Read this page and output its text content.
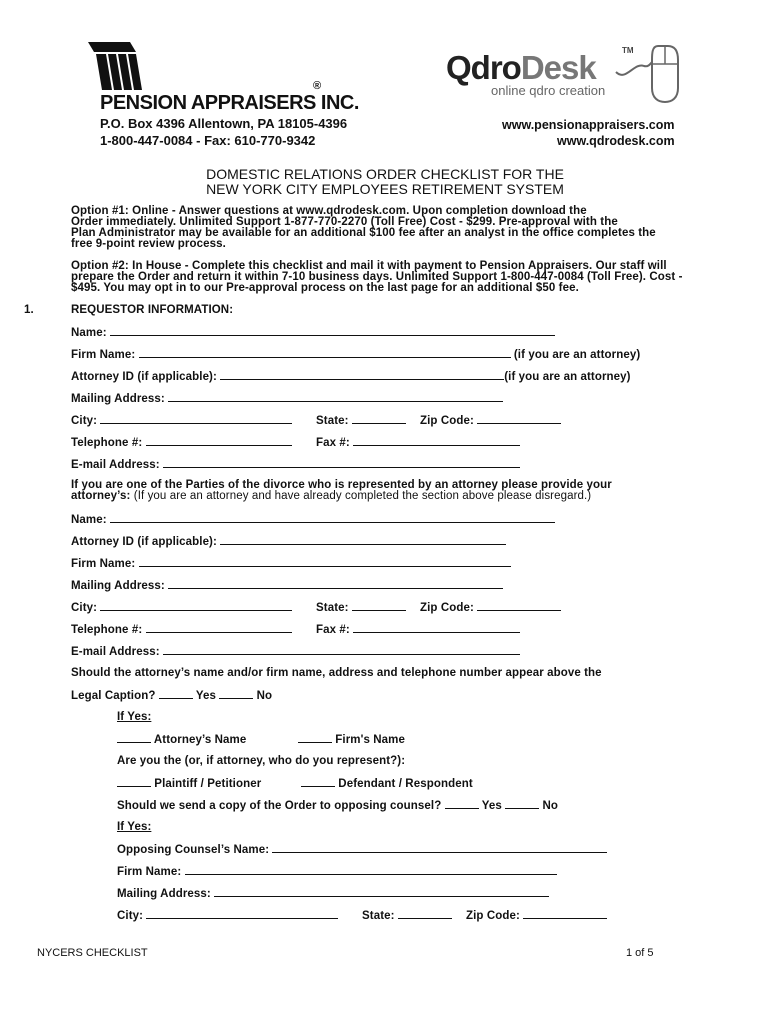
®
PENSION APPRAISERS INC.
P.O. Box 4396 Allentown, PA 18105-4396
1-800-447-0084 - Fax: 610-770-9342
QdroDesk	TM
online qdro creation
www.pensionappraisers.com
www.qdrodesk.com
DOMESTIC RELATIONS ORDER CHECKLIST FOR THE
NEW YORK CITY EMPLOYEES RETIREMENT SYSTEM
Option #1: Online - Answer questions at www.qdrodesk.com. Upon completion download the
Order immediately. Unlimited Support 1-877-770-2270 (Toll Free) Cost - $299. Pre-approval with the
Plan Administrator may be available for an additional $100 fee after an analyst in the office completes the
free 9-point review process.
Option #2: In House - Complete this checklist and mail it with payment to Pension Appraisers. Our staff will
prepare the Order and return it within 7-10 business days. Unlimited Support 1-800-447-0084 (Toll Free). Cost -
$495. You may opt in to our Pre-approval process on the last page for an additional $50 fee.
1.	REQUESTOR INFORMATION:
Name:
Firm Name:	(if you are an attorney)
Attorney ID (if applicable):	(if you are an attorney)
Mailing Address:
City:	State:	Zip Code:
Telephone #:	Fax #:
E-mail Address:
If you are one of the Parties of the divorce who is represented by an attorney please provide your
attorney’s: (If you are an attorney and have already completed the section above please disregard.)
Name:
Attorney ID (if applicable):
Firm Name:
Mailing Address:
City:	State:	Zip Code:
Telephone #:	Fax #:
E-mail Address:
Should the attorney’s name and/or firm name, address and telephone number appear above the
Legal Caption?	Yes	No
If Yes:
Attorney’s Name	Firm's Name
Are you the (or, if attorney, who do you represent?):
Plaintiff / Petitioner	Defendant / Respondent
Should we send a copy of the Order to opposing counsel?	Yes	No
If Yes:
Opposing Counsel’s Name:
Firm Name:
Mailing Address:
City:	State:	Zip Code:
NYCERS CHECKLIST	1 of 5
